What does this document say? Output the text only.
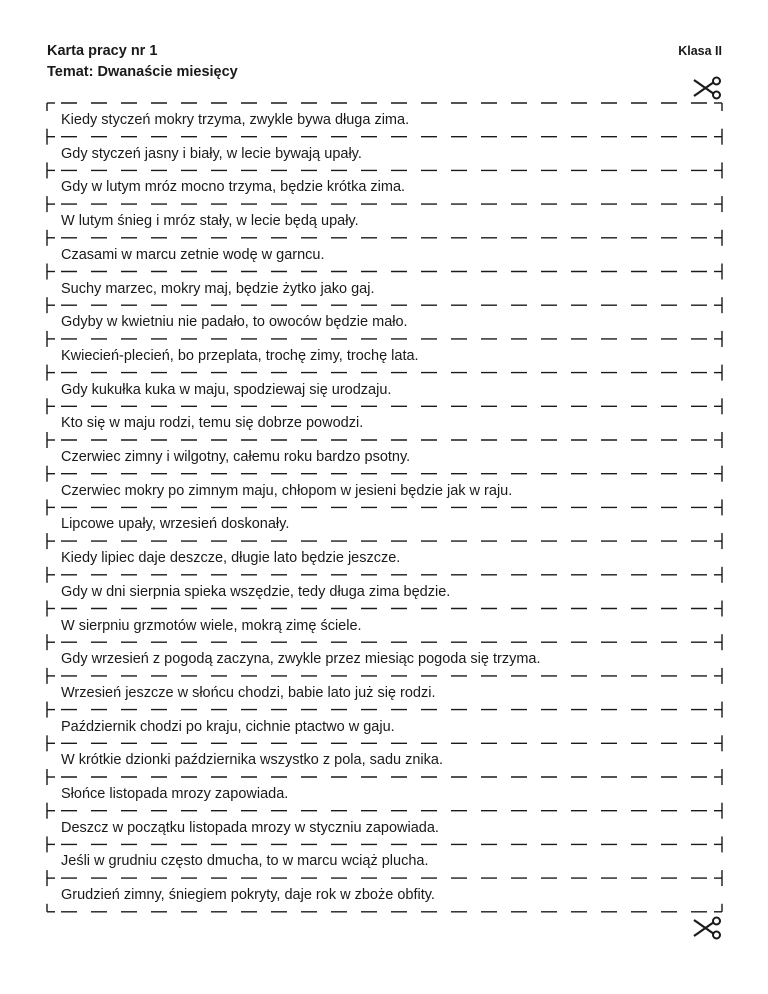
Karta pracy nr 1
Temat: Dwanaście miesięcy
Klasa II
Kiedy styczeń mokry trzyma, zwykle bywa długa zima.
Gdy styczeń jasny i biały, w lecie bywają upały.
Gdy w lutym mróz mocno trzyma, będzie krótka zima.
W lutym śnieg i mróz stały, w lecie będą upały.
Czasami w marcu zetnie wodę w garncu.
Suchy marzec, mokry maj, będzie żytko jako gaj.
Gdyby w kwietniu nie padało, to owoców będzie mało.
Kwiecień-plecień, bo przeplata, trochę zimy, trochę lata.
Gdy kukułka kuka w maju, spodziewaj się urodzaju.
Kto się w maju rodzi, temu się dobrze powodzi.
Czerwiec zimny i wilgotny, całemu roku bardzo psotny.
Czerwiec mokry po zimnym maju, chłopom w jesieni będzie jak w raju.
Lipcowe upały, wrzesień doskonały.
Kiedy lipiec daje deszcze, długie lato będzie jeszcze.
Gdy w dni sierpnia spieka wszędzie, tedy długa zima będzie.
W sierpniu grzmotów wiele, mokrą zimę ściele.
Gdy wrzesień z pogodą zaczyna, zwykle przez miesiąc pogoda się trzyma.
Wrzesień jeszcze w słońcu chodzi, babie lato już się rodzi.
Październik chodzi po kraju, cichnie ptactwo w gaju.
W krótkie dzionki października wszystko z pola, sadu znika.
Słońce listopada mrozy zapowiada.
Deszcz w początku listopada mrozy w styczniu zapowiada.
Jeśli w grudniu często dmucha, to w marcu wciąż plucha.
Grudzień zimny, śniegiem pokryty, daje rok w zboże obfity.
